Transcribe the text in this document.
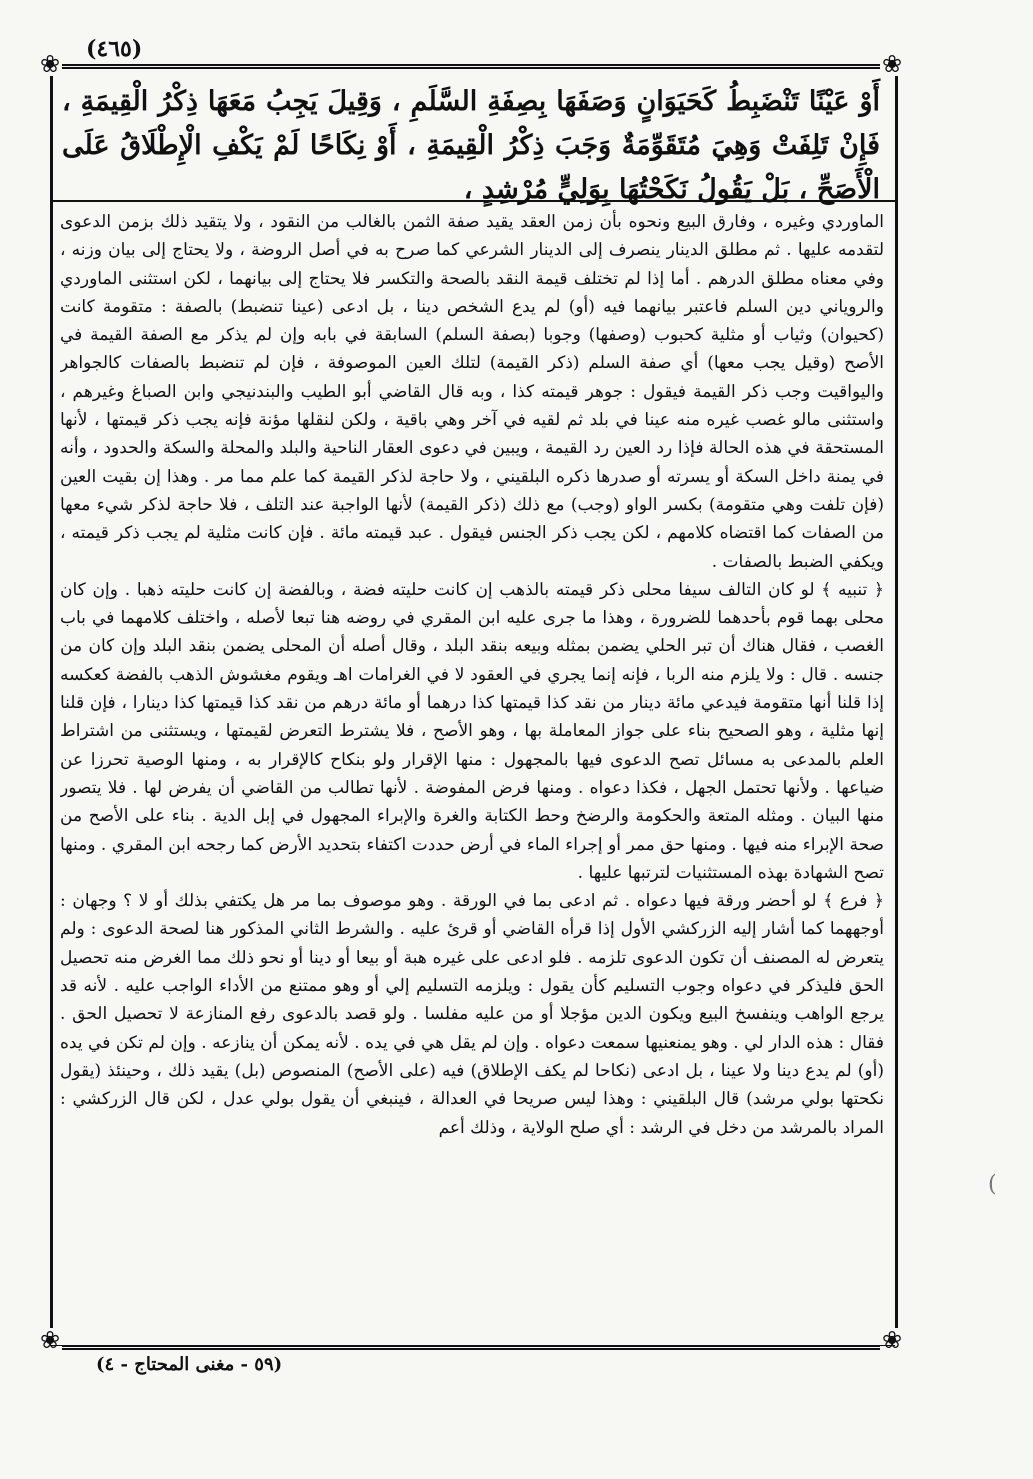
(٤٦٥)
❀	❀
❀	❀
أَوْ عَيْنًا تَنْضَبِطُ كَحَيَوَانٍ وَصَفَهَا بِصِفَةِ السَّلَمِ ، وَقِيلَ يَجِبُ مَعَهَا ذِكْرُ الْقِيمَةِ ، فَإِنْ تَلِفَتْ وَهِيَ مُتَقَوِّمَةٌ وَجَبَ ذِكْرُ الْقِيمَةِ ، أَوْ نِكَاحًا لَمْ يَكْفِ الْإِطْلَاقُ عَلَى الْأَصَحِّ ، بَلْ يَقُولُ نَكَحْتُهَا بِوَلِيٍّ مُرْشِدٍ ،

الماوردي وغيره ، وفارق البيع ونحوه بأن زمن العقد يقيد صفة الثمن بالغالب من النقود ، ولا يتقيد ذلك بزمن الدعوى لتقدمه عليها . ثم مطلق الدينار ينصرف إلى الدينار الشرعي كما صرح به في أصل الروضة ، ولا يحتاج إلى بيان وزنه ، وفي معناه مطلق الدرهم . أما إذا لم تختلف قيمة النقد بالصحة والتكسر فلا يحتاج إلى بيانهما ، لكن استثنى الماوردي والروياني دين السلم فاعتبر بيانهما فيه (أو) لم يدع الشخص دينا ، بل ادعى (عينا تنضبط) بالصفة : متقومة كانت (كحيوان) وثياب أو مثلية كحبوب (وصفها) وجوبا (بصفة السلم) السابقة في بابه وإن لم يذكر مع الصفة القيمة في الأصح (وقيل يجب معها) أي صفة السلم (ذكر القيمة) لتلك العين الموصوفة ، فإن لم تنضبط بالصفات كالجواهر واليواقيت وجب ذكر القيمة فيقول : جوهر قيمته كذا ، وبه قال القاضي أبو الطيب والبندنيجي وابن الصباغ وغيرهم ، واستثنى مالو غصب غيره منه عينا في بلد ثم لقيه في آخر وهي باقية ، ولكن لنقلها مؤنة فإنه يجب ذكر قيمتها ، لأنها المستحقة في هذه الحالة فإذا رد العين رد القيمة ، ويبين في دعوى العقار الناحية والبلد والمحلة والسكة والحدود ، وأنه في يمنة داخل السكة أو يسرته أو صدرها ذكره البلقيني ، ولا حاجة لذكر القيمة كما علم مما مر . وهذا إن بقيت العين (فإن تلفت وهي متقومة) بكسر الواو (وجب) مع ذلك (ذكر القيمة) لأنها الواجبة عند التلف ، فلا حاجة لذكر شيء معها من الصفات كما اقتضاه كلامهم ، لكن يجب ذكر الجنس فيقول . عبد قيمته مائة . فإن كانت مثلية لم يجب ذكر قيمته ، ويكفي الضبط بالصفات .

﴿ تنبيه ﴾ لو كان التالف سيفا محلى ذكر قيمته بالذهب إن كانت حليته فضة ، وبالفضة إن كانت حليته ذهبا . وإن كان محلى بهما قوم بأحدهما للضرورة ، وهذا ما جرى عليه ابن المقري في روضه هنا تبعا لأصله ، واختلف كلامهما في باب الغصب ، فقال هناك أن تبر الحلي يضمن بمثله وبيعه بنقد البلد ، وقال أصله أن المحلى يضمن بنقد البلد وإن كان من جنسه . قال : ولا يلزم منه الربا ، فإنه إنما يجري في العقود لا في الغرامات اهـ ويقوم مغشوش الذهب بالفضة كعكسه إذا قلنا أنها متقومة فيدعي مائة دينار من نقد كذا قيمتها كذا درهما أو مائة درهم من نقد كذا قيمتها كذا دينارا ، فإن قلنا إنها مثلية ، وهو الصحيح بناء على جواز المعاملة بها ، وهو الأصح ، فلا يشترط التعرض لقيمتها ، ويستثنى من اشتراط العلم بالمدعى به مسائل تصح الدعوى فيها بالمجهول : منها الإقرار ولو بنكاح كالإقرار به ، ومنها الوصية تحرزا عن ضياعها . ولأنها تحتمل الجهل ، فكذا دعواه . ومنها فرض المفوضة . لأنها تطالب من القاضي أن يفرض لها . فلا يتصور منها البيان . ومثله المتعة والحكومة والرضخ وحط الكتابة والغرة والإبراء المجهول في إبل الدية . بناء على الأصح من صحة الإبراء منه فيها . ومنها حق ممر أو إجراء الماء في أرض حددت اكتفاء بتحديد الأرض كما رجحه ابن المقري . ومنها تصح الشهادة بهذه المستثنيات لترتبها عليها .

﴿ فرع ﴾ لو أحضر ورقة فيها دعواه . ثم ادعى بما في الورقة . وهو موصوف بما مر هل يكتفي بذلك أو لا ؟ وجهان : أوجههما كما أشار إليه الزركشي الأول إذا قرأه القاضي أو قرئ عليه . والشرط الثاني المذكور هنا لصحة الدعوى : ولم يتعرض له المصنف أن تكون الدعوى تلزمه . فلو ادعى على غيره هبة أو بيعا أو دينا أو نحو ذلك مما الغرض منه تحصيل الحق فليذكر في دعواه وجوب التسليم كأن يقول : ويلزمه التسليم إلي أو وهو ممتنع من الأداء الواجب عليه . لأنه قد يرجع الواهب وينفسخ البيع ويكون الدين مؤجلا أو من عليه مفلسا . ولو قصد بالدعوى رفع المنازعة لا تحصيل الحق . فقال : هذه الدار لي . وهو يمنعنيها سمعت دعواه . وإن لم يقل هي في يده . لأنه يمكن أن ينازعه . وإن لم تكن في يده (أو) لم يدع دينا ولا عينا ، بل ادعى (نكاحا لم يكف الإطلاق) فيه (على الأصح) المنصوص (بل) يقيد ذلك ، وحينئذ (يقول نكحتها بولي مرشد) قال البلقيني : وهذا ليس صريحا في العدالة ، فينبغي أن يقول بولي عدل ، لكن قال الزركشي : المراد بالمرشد من دخل في الرشد : أي صلح الولاية ، وذلك أعم

(٥٩ - مغنى المحتاج - ٤)
(
